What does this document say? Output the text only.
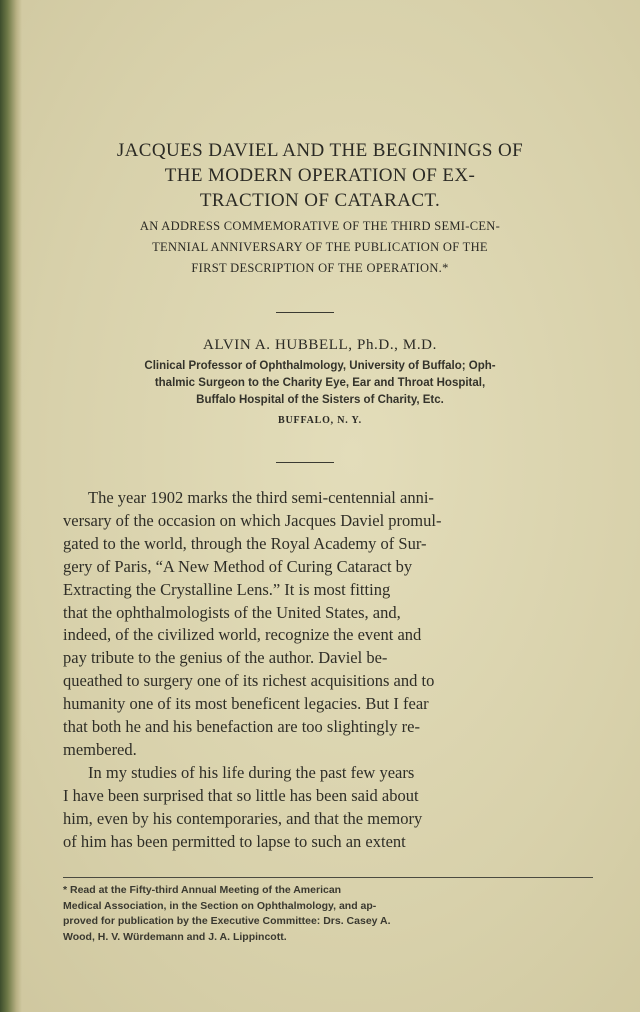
JACQUES DAVIEL AND THE BEGINNINGS OF
THE MODERN OPERATION OF EX-
TRACTION OF CATARACT.
AN ADDRESS COMMEMORATIVE OF THE THIRD SEMI-CEN-
TENNIAL ANNIVERSARY OF THE PUBLICATION OF THE
FIRST DESCRIPTION OF THE OPERATION.*
ALVIN A. HUBBELL, Ph.D., M.D.
Clinical Professor of Ophthalmology, University of Buffalo; Oph-
thalmic Surgeon to the Charity Eye, Ear and Throat Hospital,
Buffalo Hospital of the Sisters of Charity, Etc.
BUFFALO, N. Y.
The year 1902 marks the third semi-centennial anni-
versary of the occasion on which Jacques Daviel promul-
gated to the world, through the Royal Academy of Sur-
gery of Paris, “A New Method of Curing Cataract by
Extracting the Crystalline Lens.” It is most fitting
that the ophthalmologists of the United States, and,
indeed, of the civilized world, recognize the event and
pay tribute to the genius of the author. Daviel be-
queathed to surgery one of its richest acquisitions and to
humanity one of its most beneficent legacies. But I fear
that both he and his benefaction are too slightingly re-
membered.
In my studies of his life during the past few years
I have been surprised that so little has been said about
him, even by his contemporaries, and that the memory
of him has been permitted to lapse to such an extent
* Read at the Fifty-third Annual Meeting of the American
Medical Association, in the Section on Ophthalmology, and ap-
proved for publication by the Executive Committee: Drs. Casey A.
Wood, H. V. Würdemann and J. A. Lippincott.
